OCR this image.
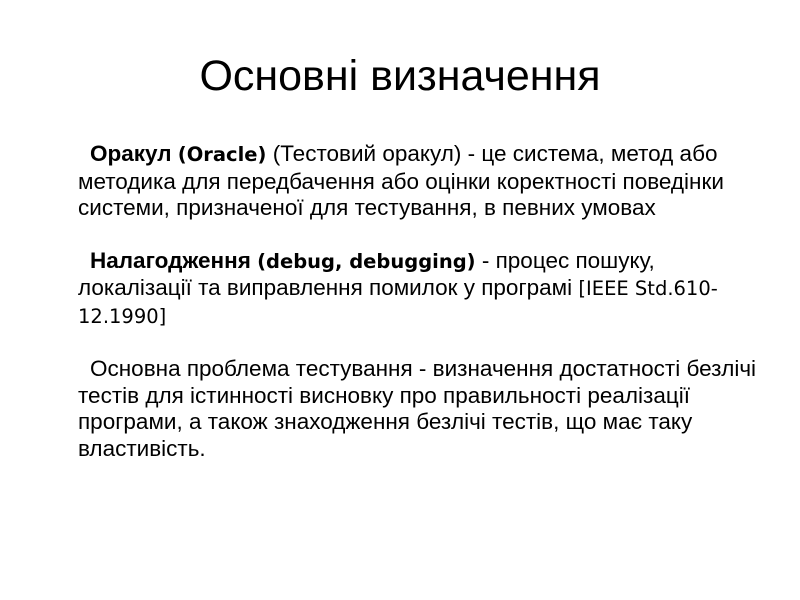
Основні визначення

Оракул (Oracle) (Тестовий оракул) - це система, метод або методика для передбачення або оцінки коректності поведінки системи, призначеної для тестування, в певних умовах

Налагодження (debug, debugging) - процес пошуку, локалізації та виправлення помилок у програмі [IEEE Std.610-12.1990]

Основна проблема тестування - визначення достатності безлічі тестів для істинності висновку про правильності реалізації програми, а також знаходження безлічі тестів, що має таку властивість.
